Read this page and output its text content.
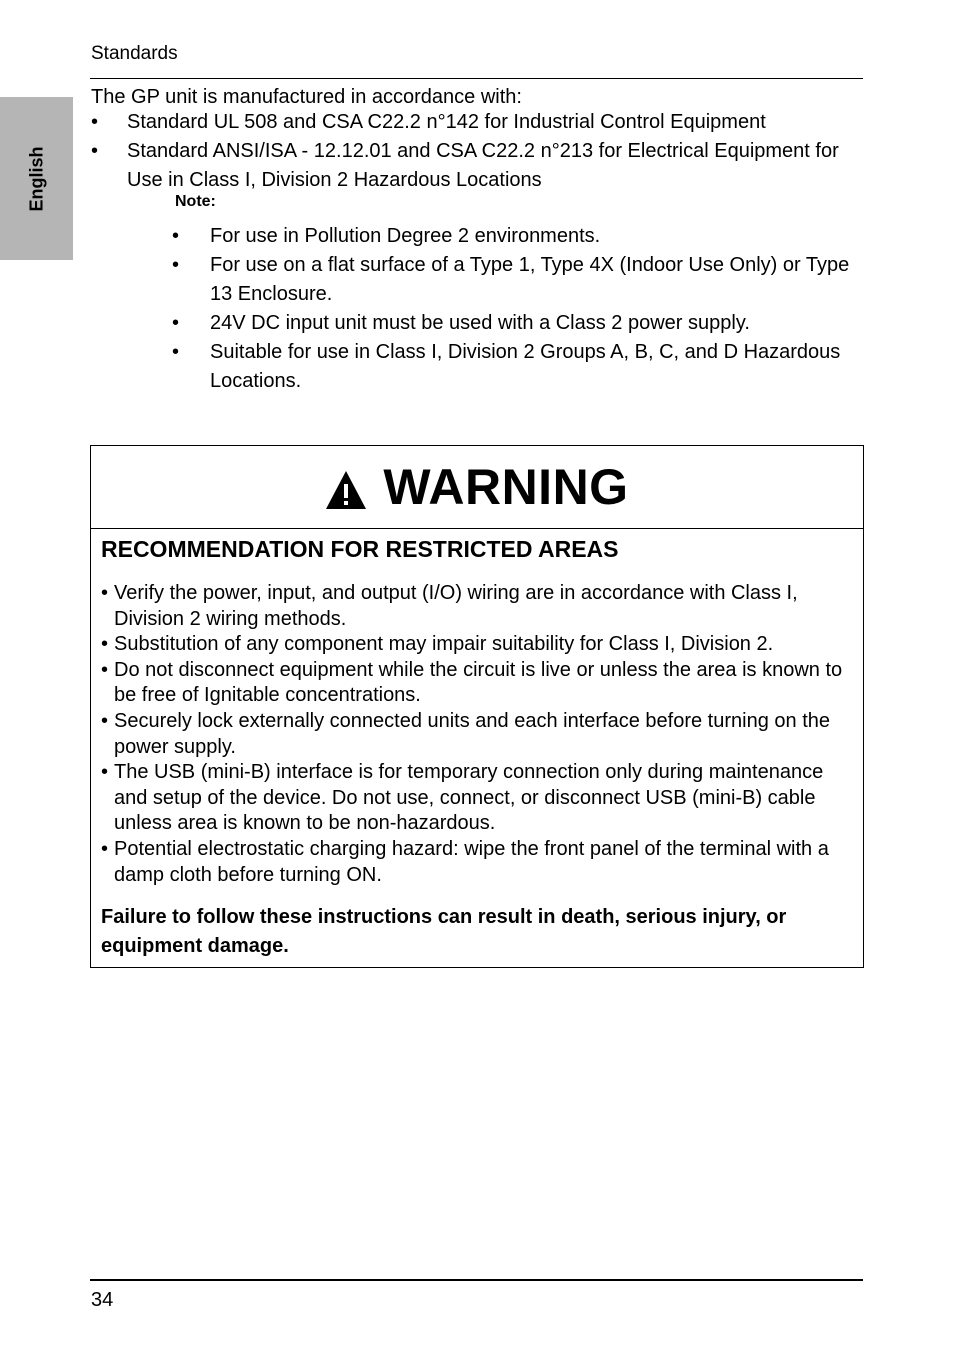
English
Standards
The GP unit is manufactured in accordance with:
•	Standard UL 508 and CSA C22.2 n°142 for Industrial Control Equipment
•	Standard ANSI/ISA - 12.12.01 and CSA C22.2 n°213 for Electrical Equipment for Use in Class I, Division 2 Hazardous Locations
Note:
•	For use in Pollution Degree 2 environments.
•	For use on a flat surface of a Type 1, Type 4X (Indoor Use Only) or Type 13 Enclosure.
•	24V DC input unit must be used with a Class 2 power supply.
•	Suitable for use in Class I, Division 2 Groups A, B, C, and D Hazardous Locations.
WARNING
RECOMMENDATION FOR RESTRICTED AREAS
• Verify the power, input, and output (I/O) wiring are in accordance with Class I, Division 2 wiring methods.
• Substitution of any component may impair suitability for Class I, Division 2.
• Do not disconnect equipment while the circuit is live or unless the area is known to be free of Ignitable concentrations.
• Securely lock externally connected units and each interface before turning on the power supply.
• The USB (mini-B) interface is for temporary connection only during maintenance and setup of the device. Do not use, connect, or disconnect USB (mini-B) cable unless area is known to be non-hazardous.
• Potential electrostatic charging hazard: wipe the front panel of the terminal with a damp cloth before turning ON.
Failure to follow these instructions can result in death, serious injury, or equipment damage.
34
